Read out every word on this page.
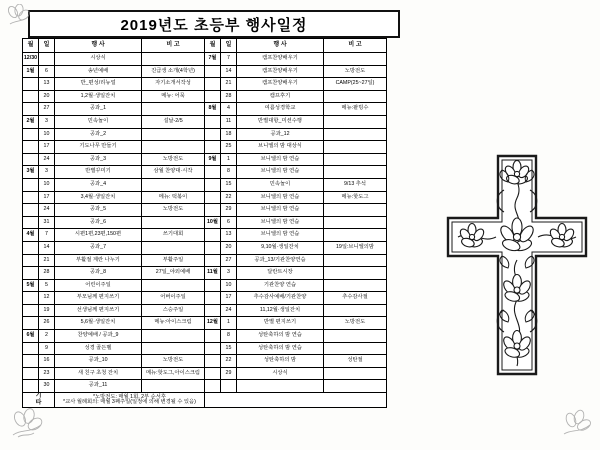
2019년도 초등부 행사일정
월	일	행 사	비 고	월	일	행 사	비 고
12/30		시상식		7월	7	캠프찬양배우기	
1월	6	송년예배	진급생 소개(4학년)		14	캠프찬양배우기	노방전도
	13	반_편성/리뉴얼	자기소개서작성		21	캠프찬양배우기	CAMP(25~27일)
	20	1,2월·생일잔치	메뉴: 어묵		28	캠프후기	
	27	공과_1		8월	4	여름성경학교	메뉴:팥빙수
2월	3	민속놀이	설날-2/5		11	반별대항_미션수행	
	10	공과_2			18	공과_12	
	17	기도나무 만들기			25	브니엘의 밤 대상식	
	24	공과_3	노방전도	9월	1	브니엘의 밤 연습	
3월	3	반별꾸미기	삼월 찬양대·시작		8	브니엘의 밤 연습	
	10	공과_4			15	민속놀이	9/13 추석
	17	3,4월·생일잔치	메뉴: 떡볶이		22	브니엘의 밤 연습	메뉴:핫도그
	24	공과_5	노방전도		29	브니엘의 밤 연습	
	31	공과_6		10월	6	브니엘의 밤 연습	
4월	7	시편1편,23편,150편	쓰기대회		13	브니엘의 밤 연습	
	14	공과_7			20	9,10월·생일잔치	19일:브니엘의밤
	21	부활절 계란 나누기	부활주일		27	공과_13/기관찬양연습	
	28	공과_8	27일_야외예배	11월	3	달란트시장	
5월	5	어린이주일			10	기관찬양 연습	
	12	부모님께 편지쓰기	어버이주일		17	추수감사예배/기관찬양	추수감사절
	19	선생님께 편지쓰기	스승주일		24	11,12월·생일잔치	
	26	5,6월·생일잔치	메뉴:아이스크림	12월	1	반별 편지쓰기	노방전도
6월	2	찬양예배 / 공과_9			8	성탄축하의 밤 연습	
	9	성경 골든벨			15	성탄축하의 밤 연습	
	16	공과_10	노방전도		22	성탄축하의 밤	성탄절
	23	새 친구 초청 잔치	메뉴:핫도그,아이스크림		29	시상식	
	30	공과_11					

기
타		*노방전도: 매월 1회, 2부 순서후
*교사 월례회의: 매월 3째주일(일정에 의해 변경될 수 있음)					
